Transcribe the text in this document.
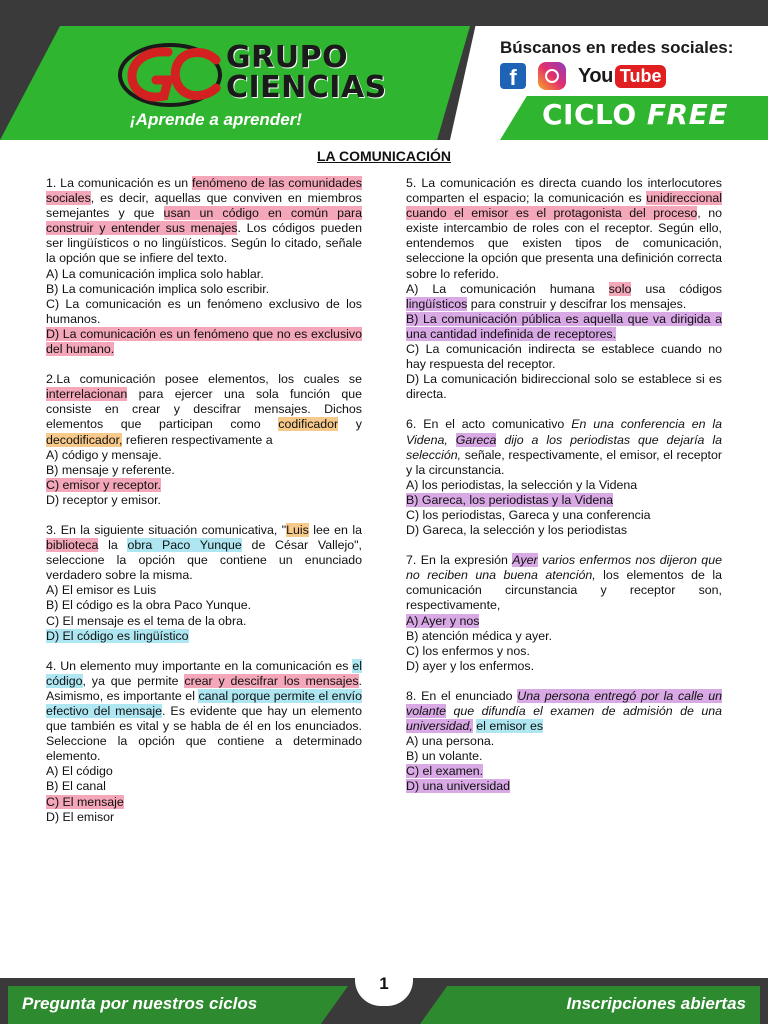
GRUPO
CIENCIAS
¡Aprende a aprender!
Búscanos en redes sociales:
f	You Tube
CICLO FREE
LA COMUNICACIÓN

1. La comunicación es un fenómeno de las comunidades sociales, es decir, aquellas que conviven en miembros semejantes y que usan un código en común para construir y entender sus menajes. Los códigos pueden ser lingüísticos o no lingüísticos. Según lo citado, señale la opción que se infiere del texto.

A) La comunicación implica solo hablar.

B) La comunicación implica solo escribir.

C) La comunicación es un fenómeno exclusivo de los humanos.

D) La comunicación es un fenómeno que no es exclusivo del humano.

2.La comunicación posee elementos, los cuales se interrelacionan para ejercer una sola función que consiste en crear y descifrar mensajes. Dichos elementos que participan como codificador y decodificador, refieren respectivamente a

A) código y mensaje.

B) mensaje y referente.

C) emisor y receptor.

D) receptor y emisor.

3. En la siguiente situación comunicativa, "Luis lee en la biblioteca la obra Paco Yunque de César Vallejo", seleccione la opción que contiene un enunciado verdadero sobre la misma.

A) El emisor es Luis

B) El código es la obra Paco Yunque.

C) El mensaje es el tema de la obra.

D) El código es lingüístico

4. Un elemento muy importante en la comunicación es el código, ya que permite crear y descifrar los mensajes. Asimismo, es importante el canal porque permite el envío efectivo del mensaje. Es evidente que hay un elemento que también es vital y se habla de él en los enunciados. Seleccione la opción que contiene a determinado elemento.

A) El código

B) El canal

C) El mensaje

D) El emisor

5. La comunicación es directa cuando los interlocutores comparten el espacio; la comunicación es unidireccional cuando el emisor es el protagonista del proceso, no existe intercambio de roles con el receptor. Según ello, entendemos que existen tipos de comunicación, seleccione la opción que presenta una definición correcta sobre lo referido.

A) La comunicación humana solo usa códigos lingüísticos para construir y descifrar los mensajes.

B) La comunicación pública es aquella que va dirigida a una cantidad indefinida de receptores.

C) La comunicación indirecta se establece cuando no hay respuesta del receptor.

D) La comunicación bidireccional solo se establece si es directa.

6. En el acto comunicativo En una conferencia en la Videna, Gareca dijo a los periodistas que dejaría la selección, señale, respectivamente, el emisor, el receptor y la circunstancia.

A) los periodistas, la selección y la Videna

B) Gareca, los periodistas y la Videna

C) los periodistas, Gareca y una conferencia

D) Gareca, la selección y los periodistas

7. En la expresión Ayer varios enfermos nos dijeron que no reciben una buena atención, los elementos de la comunicación circunstancia y receptor son, respectivamente,

A) Ayer y nos

B) atención médica y ayer.

C) los enfermos y nos.

D) ayer y los enfermos.

8. En el enunciado Una persona entregó por la calle un volante que difundía el examen de admisión de una universidad, el emisor es

A) una persona.

B) un volante.

C) el examen.

D) una universidad

Pregunta por nuestros ciclos	Inscripciones abiertas
1
